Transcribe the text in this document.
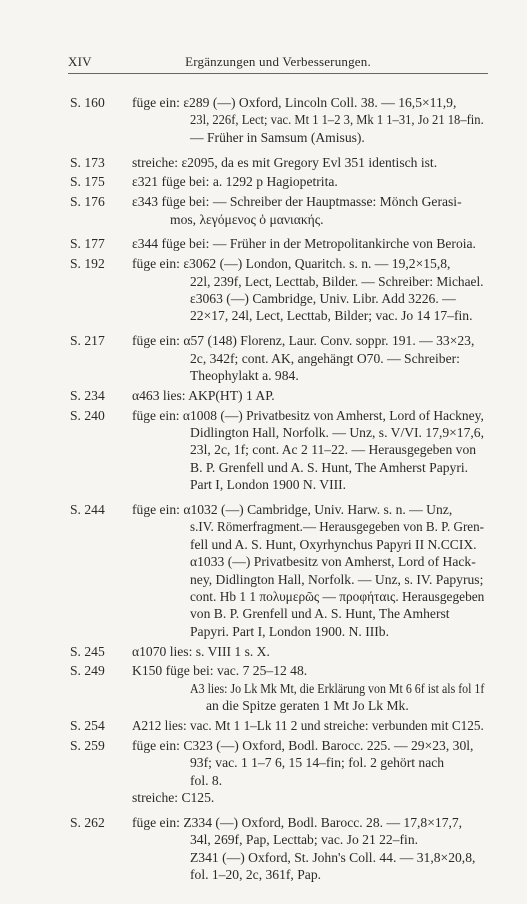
XIV	Ergänzungen und Verbesserungen.
S. 160 füge ein: ε289 (—) Oxford, Lincoln Coll. 38. — 16,5×11,9,
23l, 226f, Lect; vac. Mt 1 1–2 3, Mk 1 1–31, Jo 21 18–fin.
— Früher in Samsum (Amisus).
S. 173 streiche: ε2095, da es mit Gregory Evl 351 identisch ist.
S. 175 ε321 füge bei: a. 1292 p Hagiopetrita.
S. 176 ε343 füge bei: — Schreiber der Hauptmasse: Mönch Gerasi-
mos, λεγόμενος ὁ μανιακής.
S. 177 ε344 füge bei: — Früher in der Metropolitankirche von Beroia.
S. 192 füge ein: ε3062 (—) London, Quaritch. s. n. — 19,2×15,8,
22l, 239f, Lect, Lecttab, Bilder. — Schreiber: Michael.
ε3063 (—) Cambridge, Univ. Libr. Add 3226. —
22×17, 24l, Lect, Lecttab, Bilder; vac. Jo 14 17–fin.
S. 217 füge ein: α57 (148) Florenz, Laur. Conv. soppr. 191. — 33×23,
2c, 342f; cont. AK, angehängt O70. — Schreiber:
Theophylakt a. 984.
S. 234 α463 lies: AKP(HT) 1 AP.
S. 240 füge ein: α1008 (—) Privatbesitz von Amherst, Lord of Hackney,
Didlington Hall, Norfolk. — Unz, s. V/VI. 17,9×17,6,
23l, 2c, 1f; cont. Ac 2 11–22. — Herausgegeben von
B. P. Grenfell und A. S. Hunt, The Amherst Papyri.
Part I, London 1900 N. VIII.
S. 244 füge ein: α1032 (—) Cambridge, Univ. Harw. s. n. — Unz,
s.IV. Römerfragment.— Herausgegeben von B. P. Gren-
fell und A. S. Hunt, Oxyrhynchus Papyri II N.CCIX.
α1033 (—) Privatbesitz von Amherst, Lord of Hack-
ney, Didlington Hall, Norfolk. — Unz, s. IV. Papyrus;
cont. Hb 1 1 πολυμερῶς — προφήταις. Herausgegeben
von B. P. Grenfell und A. S. Hunt, The Amherst
Papyri. Part I, London 1900. N. IIIb.
S. 245 α1070 lies: s. VIII 1 s. X.
S. 249 K150 füge bei: vac. 7 25–12 48.
A3 lies: Jo Lk Mk Mt, die Erklärung von Mt 6 6f ist als fol 1f
an die Spitze geraten 1 Mt Jo Lk Mk.
S. 254 A212 lies: vac. Mt 1 1–Lk 11 2 und streiche: verbunden mit C125.
S. 259 füge ein: C323 (—) Oxford, Bodl. Barocc. 225. — 29×23, 30l,
93f; vac. 1 1–7 6, 15 14–fin; fol. 2 gehört nach
fol. 8.
streiche: C125.
S. 262 füge ein: Z334 (—) Oxford, Bodl. Barocc. 28. — 17,8×17,7,
34l, 269f, Pap, Lecttab; vac. Jo 21 22–fin.
Z341 (—) Oxford, St. John's Coll. 44. — 31,8×20,8,
fol. 1–20, 2c, 361f, Pap.
